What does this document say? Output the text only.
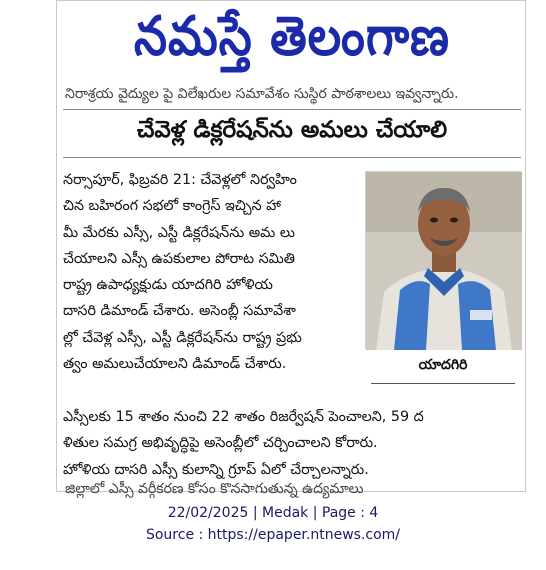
నమస్తే తెలంగాణ
నిరాశ్రయ వైద్యుల పై విలేఖరుల సమావేశం సుస్థిర పాఠశాలలు ఇవ్వన్నారు.
చేవెళ్ల డిక్లరేషన్‌ను అమలు చేయాలి
నర్సాపూర్, ఫిబ్రవరి 21: చేవెళ్లలో నిర్వహిం
చిన బహిరంగ సభలో కాంగ్రెస్ ఇచ్చిన హా
మీ మేరకు ఎస్సీ, ఎస్టీ డిక్లరేషన్‌ను అమ లు
చేయాలని ఎస్సీ ఉపకులాల పోరాట సమితి
రాష్ట్ర ఉపాధ్యక్షుడు యాదగిరి హోళియ
దాసరి డిమాండ్ చేశారు. అసెంబ్లీ సమావేశా
ల్లో చేవెళ్ల ఎస్సీ, ఎస్టీ డిక్లరేషన్‌ను రాష్ట్ర ప్రభు
త్వం అమలుచేయాలని డిమాండ్ చేశారు.	యాదగిరి
ఎస్సీలకు 15 శాతం నుంచి 22 శాతం రిజర్వేషన్ పెంచాలని, 59 ద
ళితుల సమగ్ర అభివృద్ధిపై అసెంబ్లీలో చర్చించాలని కోరారు.
హోళియ దాసరి ఎస్సీ కులాన్ని గ్రూప్ ఏలో చేర్చాలన్నారు.
జిల్లాలో ఎస్సీ వర్గీకరణ కోసం కొనసాగుతున్న ఉద్యమాలు
22/02/2025 | Medak | Page : 4
Source : https://epaper.ntnews.com/
